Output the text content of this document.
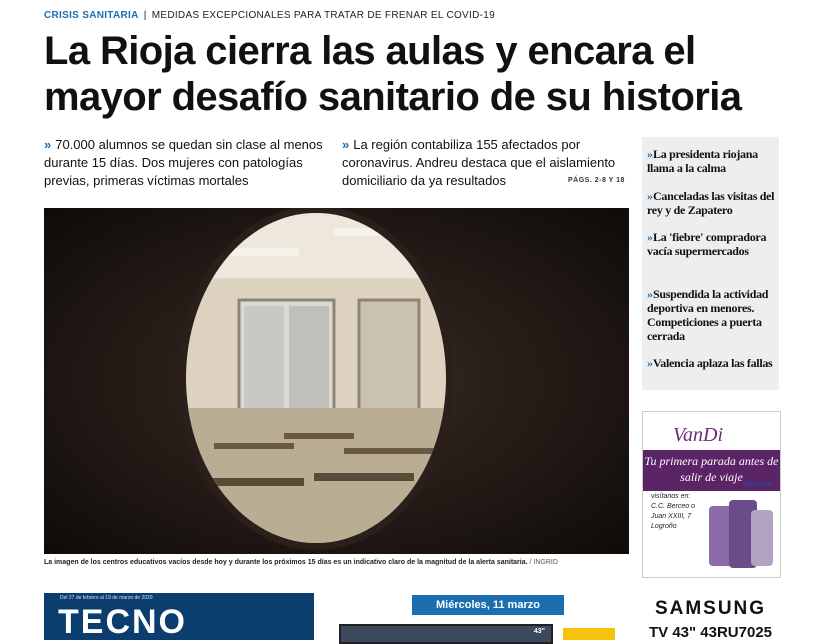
CRISIS SANITARIA | MEDIDAS EXCEPCIONALES PARA TRATAR DE FRENAR EL COVID-19
La Rioja cierra las aulas y encara el mayor desafío sanitario de su historia
» 70.000 alumnos se quedan sin clase al menos durante 15 días. Dos mujeres con patologías previas, primeras víctimas mortales
» La región contabiliza 155 afectados por coronavirus. Andreu destaca que el aislamiento domiciliario da ya resultados	PÁGS. 2-8 Y 18
La imagen de los centros educativos vacíos desde hoy y durante los próximos 15 días es un indicativo claro de la magnitud de la alerta sanitaria. / INGRID
» La presidenta riojana llama a la calma
» Canceladas las visitas del rey y de Zapatero
» La 'fiebre' compradora vacía supermercados
» Suspendida la actividad deportiva en menores. Competiciones a puerta cerrada
» Valencia aplaza las fallas
VanDi
Tu primera parada antes de salir de viaje
visítanos en: C.C. Berceo o Juan XXIII, 7 Logroño
Samsonite
Del 27 de febrero al 19 de marzo de 2020
TECNO	Miércoles, 11 marzo
43"
SAMSUNG
TV 43" 43RU7025
